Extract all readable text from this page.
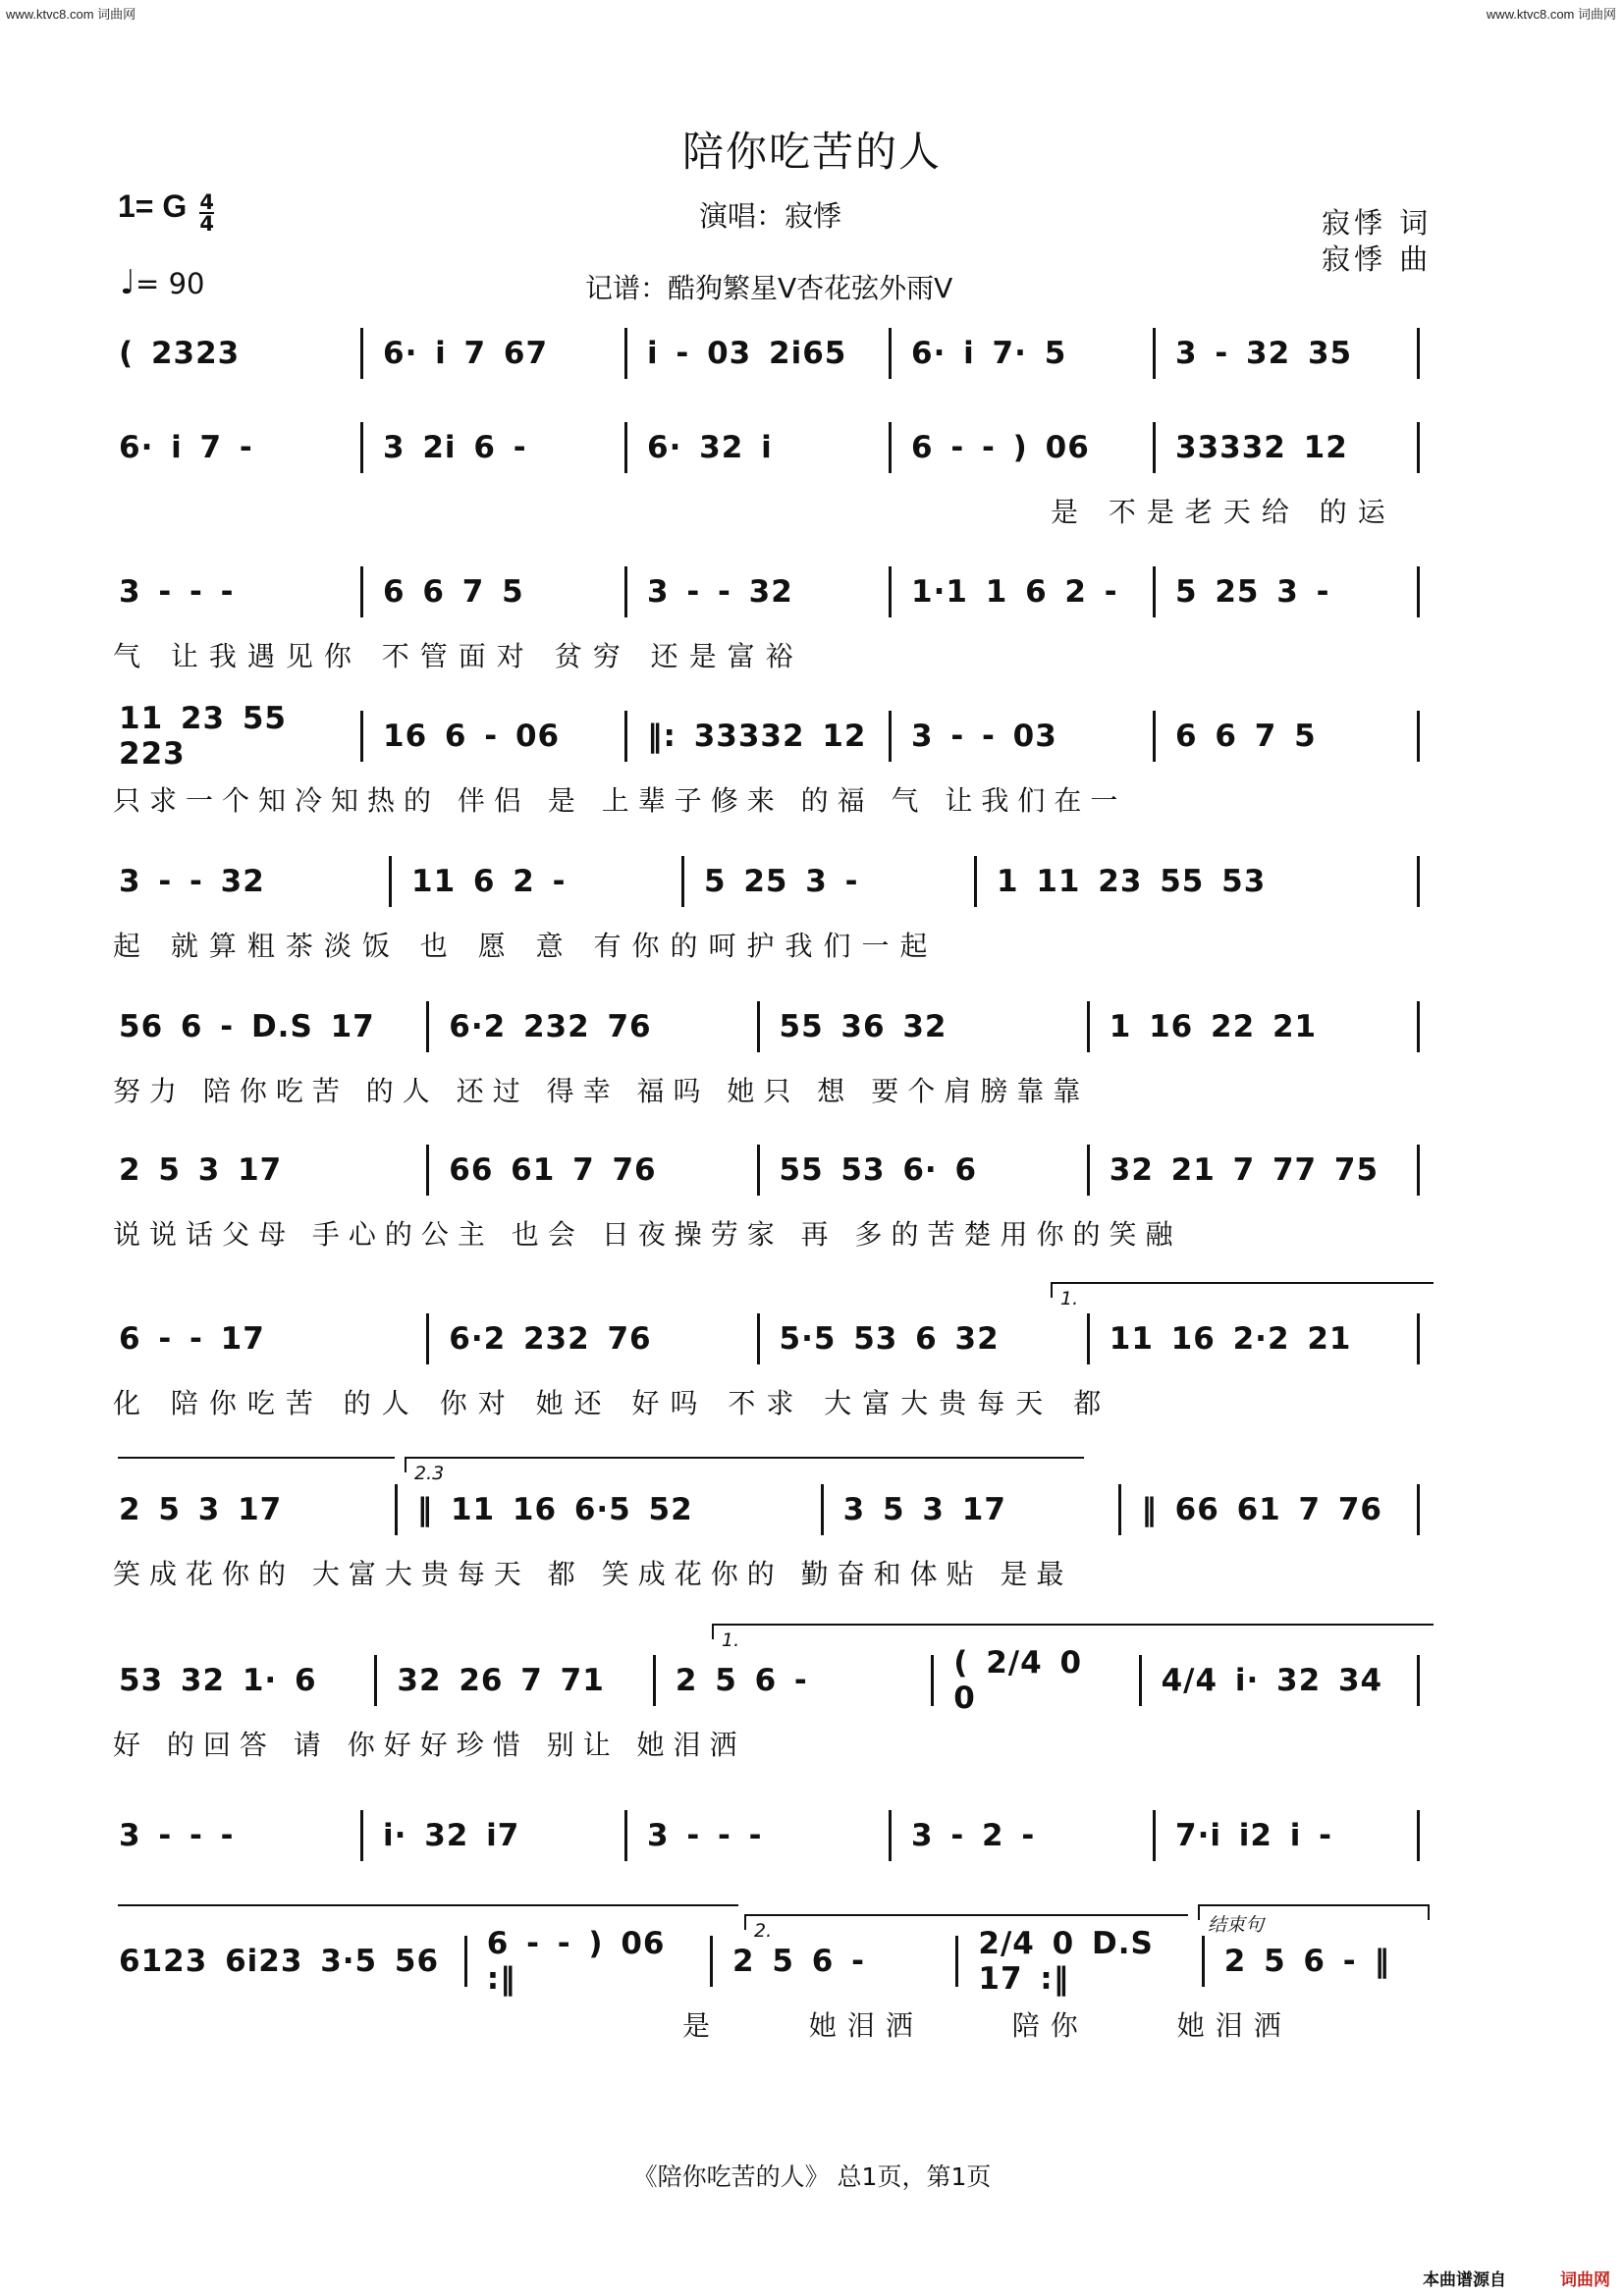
www.ktvc8.com 词曲网	www.ktvc8.com 词曲网
陪你吃苦的人
演唱：寂悸
记谱：酷狗繁星V杏花弦外雨V
1= G $\frac{4}{4}$
♩= 90
寂悸 词
寂悸 曲
( 2323	6· i 7 67	i - 03 2i65	6· i 7· 5	3 - 32 35
6· i 7 -	3 2i 6 -	6· 32 i	6 - - ) 06	33332 12
是 不是老天给 的运
3 - - -	6 6 7 5	3 - - 32	1·1 1 6 2 -	5 25 3 -
气 让我遇见你 不管面对 贫穷 还是富裕
11 23 55 223	16 6 - 06	‖: 33332 12 3 - - 03	6 6 7 5
只求一个知冷知热的 伴侣 是 上辈子修来 的福 气 让我们在一
3 - - 32	11 6 2 -	5 25 3 -	1 11 23 55 53
起 就算粗茶淡饭 也 愿 意 有你的呵护我们一起
56 6 - D.S 17	6·2 232 76	55 36 32	1 16 22 21
努力 陪你吃苦 的人 还过 得幸 福吗 她只 想 要个肩膀靠靠
2 5 3 17	66 61 7 76	55 53 6· 6	32 21 7 77 75
说说话父母 手心的公主 也会 日夜操劳家 再 多的苦楚用你的笑融
1.
6 - - 17	6·2 232 76	5·5 53 6 32	11 16 2·2 21
化 陪你吃苦 的人 你对 她还 好吗 不求 大富大贵每天 都
2.3
2 5 3 17	‖ 11 16 6·5 52	3 5 3 17	‖ 66 61 7 76
笑成花你的 大富大贵每天 都 笑成花你的 勤奋和体贴 是最
1.
53 32 1· 6	32 26 7 71	2 5 6 -	( 2/4 0 0	4/4 i· 32 34
好 的回答 请 你好好珍惜 别让 她泪洒
3 - - -	i· 32 i7	3 - - -	3 - 2 -	7·i i2 i -
2.	结束句
6123 6i23 3·5 56	6 - - ) 06 :‖	2 5 6 -	2/4 0 D.S 17 :‖	2 5 6 - ‖
是 她泪洒 陪你 她泪洒
《陪你吃苦的人》 总1页，第1页
本曲谱源自	词曲网
